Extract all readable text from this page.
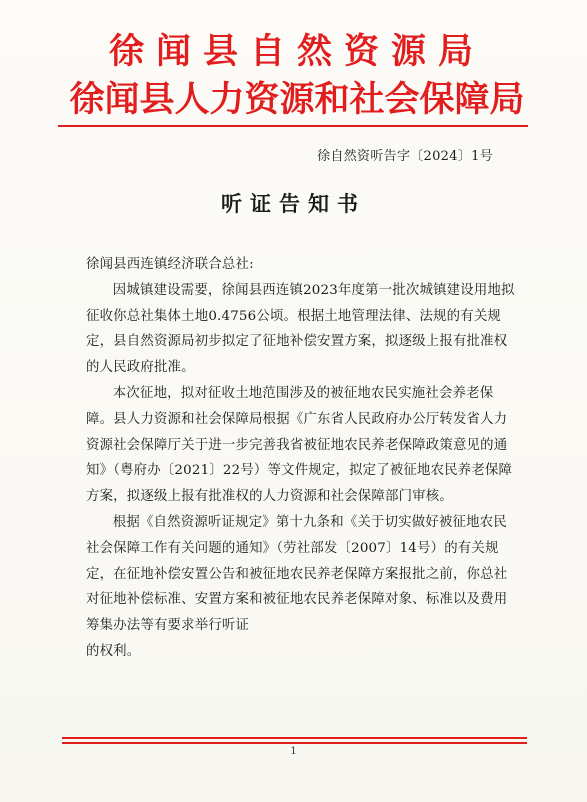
徐闻县自然资源局
徐闻县人力资源和社会保障局
徐自然资听告字〔2024〕1号
听证告知书

徐闻县西连镇经济联合总社:

因城镇建设需要，徐闻县西连镇2023年度第一批次城镇建设用地拟征收你总社集体土地0.4756公顷。根据土地管理法律、法规的有关规定，县自然资源局初步拟定了征地补偿安置方案，拟逐级上报有批准权的人民政府批准。

本次征地，拟对征收土地范围涉及的被征地农民实施社会养老保障。县人力资源和社会保障局根据《广东省人民政府办公厅转发省人力资源社会保障厅关于进一步完善我省被征地农民养老保障政策意见的通知》（粤府办〔2021〕22号）等文件规定，拟定了被征地农民养老保障方案，拟逐级上报有批准权的人力资源和社会保障部门审核。

根据《自然资源听证规定》第十九条和《关于切实做好被征地农民社会保障工作有关问题的通知》（劳社部发〔2007〕14号）的有关规定，在征地补偿安置公告和被征地农民养老保障方案报批之前，你总社对征地补偿标准、安置方案和被征地农民养老保障对象、标准以及费用筹集办法等有要求举行听证

的权利。

1
